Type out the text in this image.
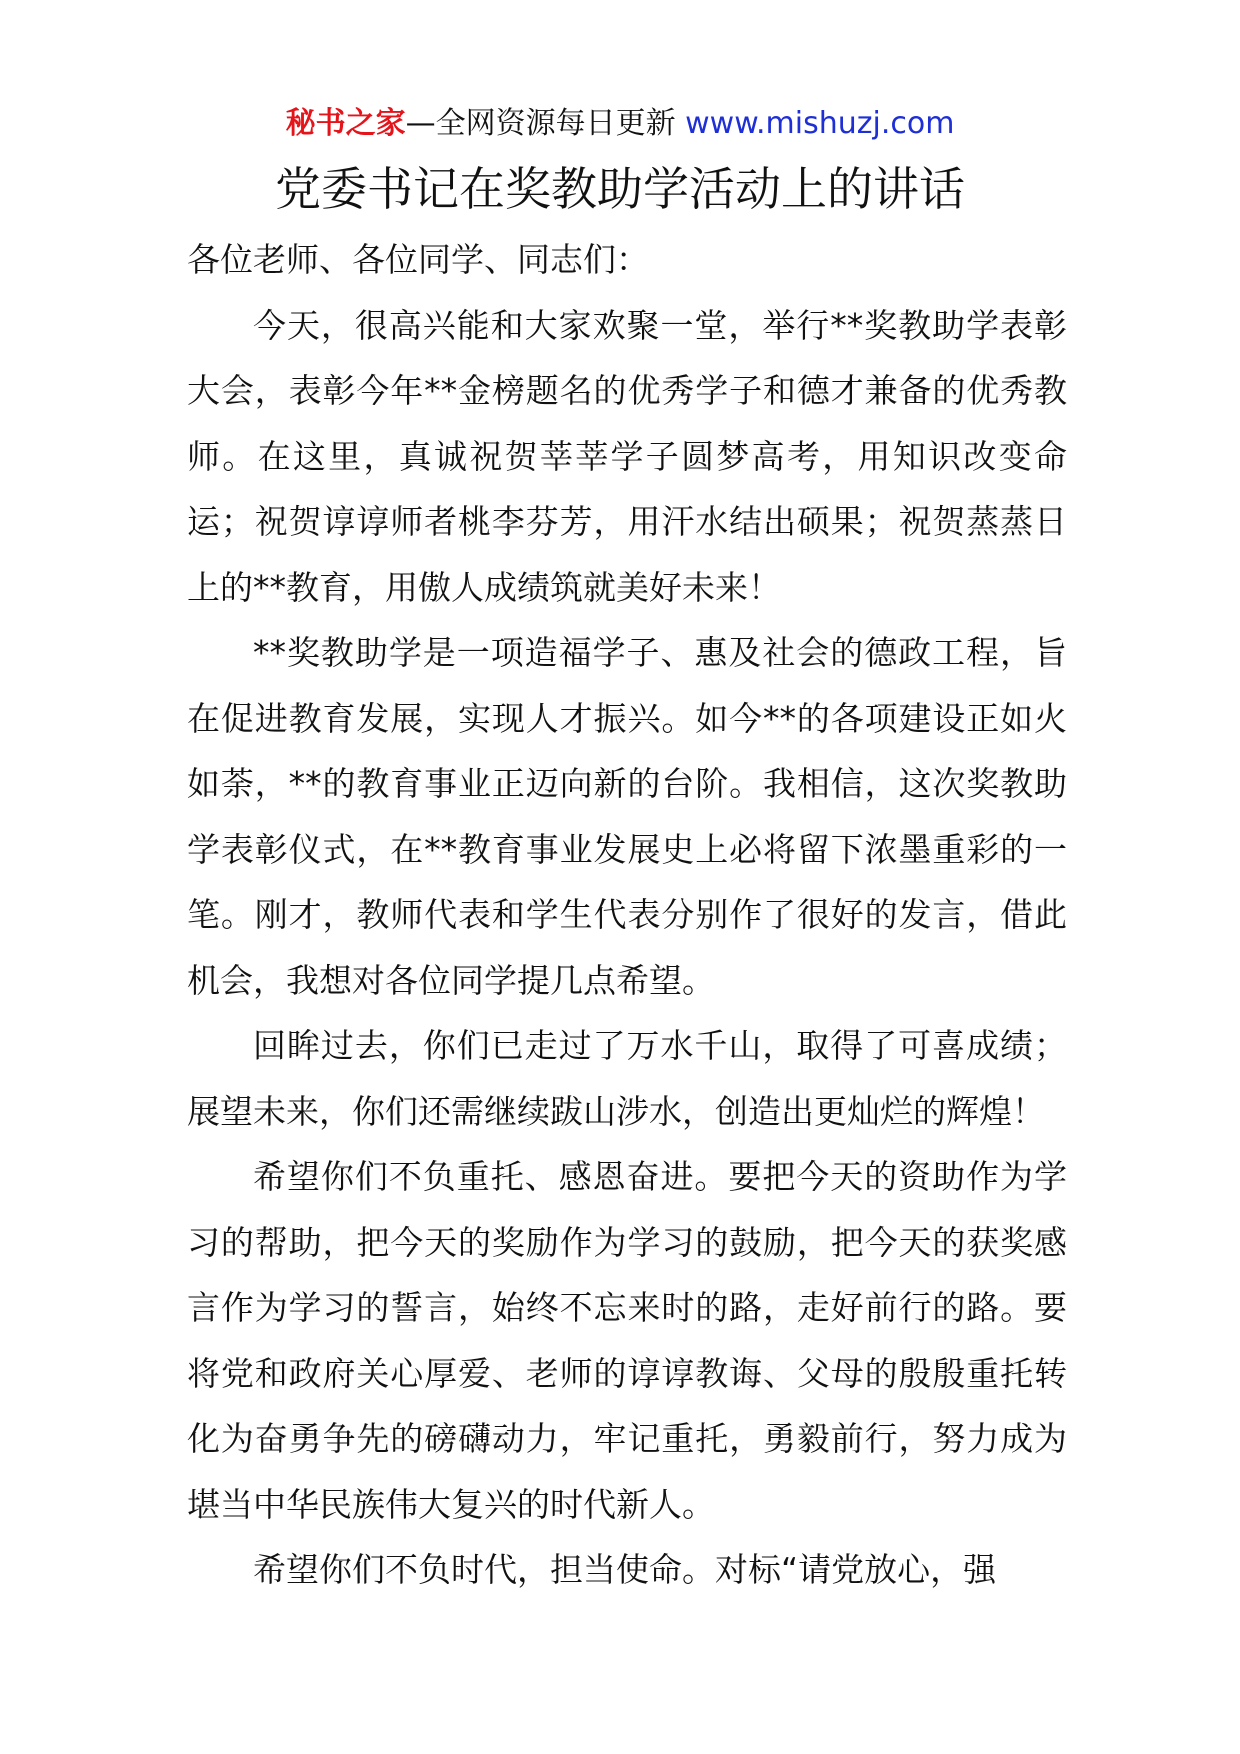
秘书之家—全网资源每日更新 www.mishuzj.com
党委书记在奖教助学活动上的讲话

各位老师、各位同学、同志们：

今天，很高兴能和大家欢聚一堂，举行**奖教助学表彰大会，表彰今年**金榜题名的优秀学子和德才兼备的优秀教师。在这里，真诚祝贺莘莘学子圆梦高考，用知识改变命运；祝贺谆谆师者桃李芬芳，用汗水结出硕果；祝贺蒸蒸日上的**教育，用傲人成绩筑就美好未来！

**奖教助学是一项造福学子、惠及社会的德政工程，旨在促进教育发展，实现人才振兴。如今**的各项建设正如火如荼，**的教育事业正迈向新的台阶。我相信，这次奖教助学表彰仪式，在**教育事业发展史上必将留下浓墨重彩的一笔。刚才，教师代表和学生代表分别作了很好的发言，借此机会，我想对各位同学提几点希望。

回眸过去，你们已走过了万水千山，取得了可喜成绩；展望未来，你们还需继续跋山涉水，创造出更灿烂的辉煌！

希望你们不负重托、感恩奋进。要把今天的资助作为学习的帮助，把今天的奖励作为学习的鼓励，把今天的获奖感言作为学习的誓言，始终不忘来时的路，走好前行的路。要将党和政府关心厚爱、老师的谆谆教诲、父母的殷殷重托转化为奋勇争先的磅礴动力，牢记重托，勇毅前行，努力成为堪当中华民族伟大复兴的时代新人。

希望你们不负时代，担当使命。对标“请党放心，强
